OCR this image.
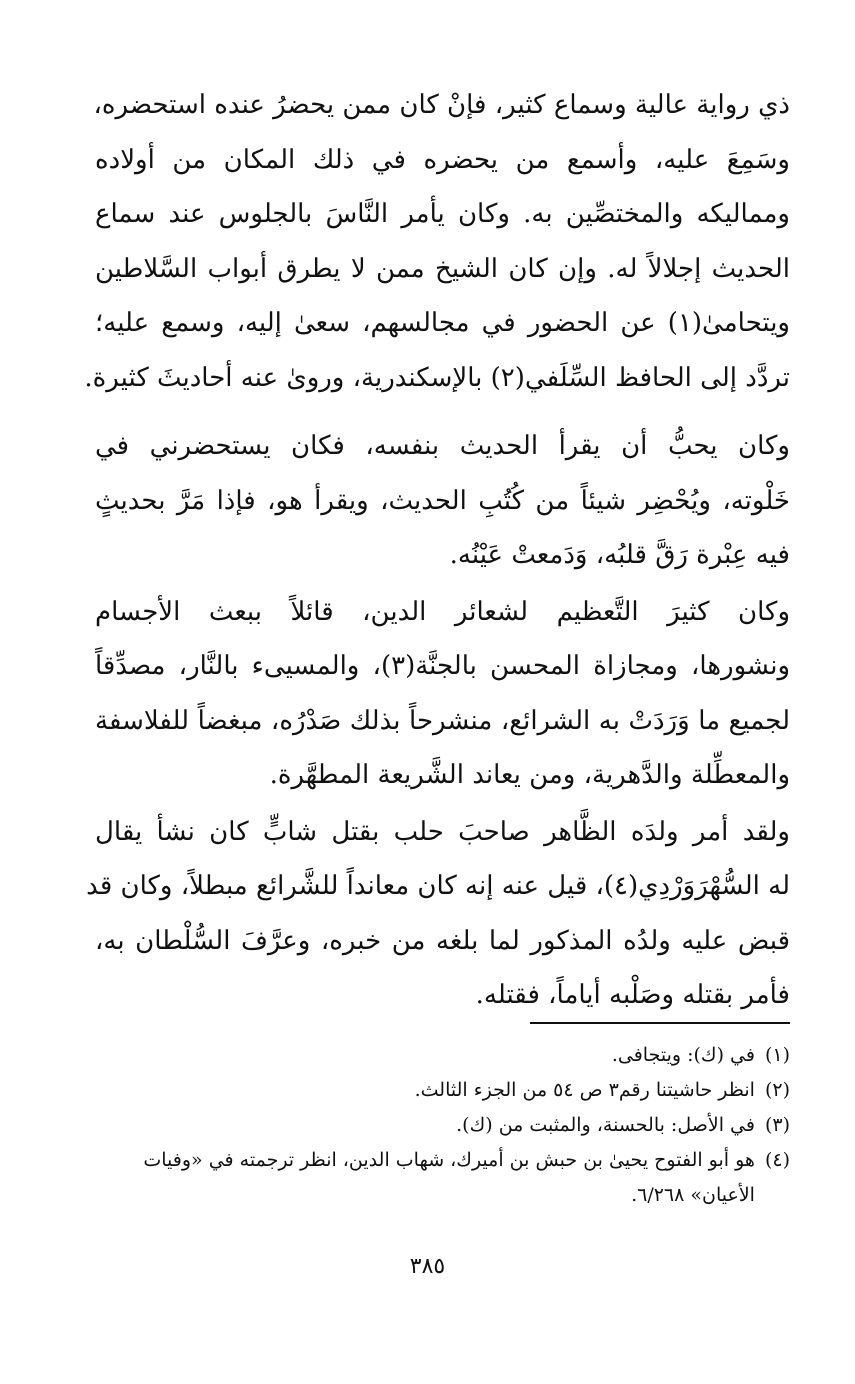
ذي رواية عالية وسماع كثير، فإنْ كان ممن يحضرُ عنده استحضره،
وسَمِعَ عليه، وأسمع من يحضره في ذلك المكان من أولاده
ومماليكه والمختصِّين به. وكان يأمر النَّاسَ بالجلوس عند سماع
الحديث إجلالاً له. وإن كان الشيخ ممن لا يطرق أبواب السَّلاطين
ويتحامىٰ(١) عن الحضور في مجالسهم، سعىٰ إليه، وسمع عليه؛
تردَّد إلى الحافظ السِّلَفي(٢) بالإسكندرية، وروىٰ عنه أحاديثَ كثيرة.

وكان يحبُّ أن يقرأ الحديث بنفسه، فكان يستحضرني في
خَلْوته، ويُحْضِر شيئاً من كُتُبِ الحديث، ويقرأ هو، فإذا مَرَّ بحديثٍ
فيه عِبْرة رَقَّ قلبُه، وَدَمعتْ عَيْنُه.

وكان كثيرَ التَّعظيم لشعائر الدين، قائلاً ببعث الأجسام
ونشورها، ومجازاة المحسن بالجنَّة(٣)، والمسيىء بالنَّار، مصدِّقاً
لجميع ما وَرَدَتْ به الشرائع، منشرحاً بذلك صَدْرُه، مبغضاً للفلاسفة
والمعطِّلة والدَّهرية، ومن يعاند الشَّريعة المطهَّرة.

ولقد أمر ولدَه الظَّاهر صاحبَ حلب بقتل شابٍّ كان نشأ يقال
له السُّهْرَوَرْدِي(٤)، قيل عنه إنه كان معانداً للشَّرائع مبطلاً، وكان قد
قبض عليه ولدُه المذكور لما بلغه من خبره، وعرَّفَ السُّلْطان به،
فأمر بقتله وصَلْبه أياماً، فقتله.

(١)
في (ك): ويتجافى.
(٢)
انظر حاشيتنا رقم٣ ص ٥٤ من الجزء الثالث.
(٣)
في الأصل: بالحسنة، والمثبت من (ك).
(٤)
هو أبو الفتوح يحيىٰ بن حبش بن أميرك، شهاب الدين، انظر ترجمته في «وفيات الأعيان» ٦/٢٦٨.
٣٨٥
